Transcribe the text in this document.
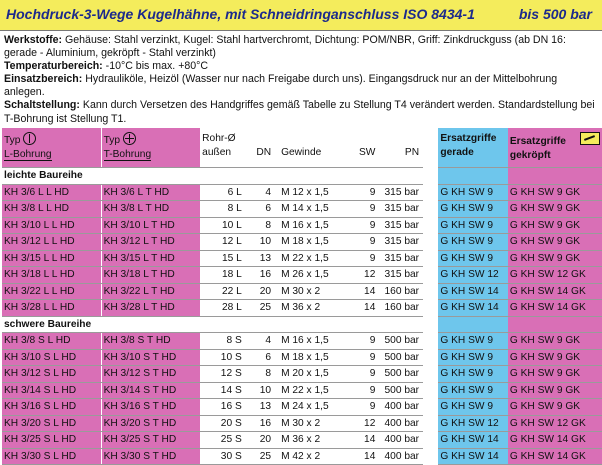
Hochdruck-3-Wege Kugelhähne, mit Schneidringanschluss ISO 8434-1	bis 500 bar

Werkstoffe: Gehäuse: Stahl verzinkt, Kugel: Stahl hartverchromt, Dichtung: POM/NBR, Griff: Zinkdruckguss (ab DN 16: gerade - Aluminium, gekröpft - Stahl verzinkt)

Temperaturbereich: -10°C bis max. +80°C

Einsatzbereich: Hydrauliköle, Heizöl (Wasser nur nach Freigabe durch uns). Eingangsdruck nur an der Mittelbohrung anlegen.

Schaltstellung: Kann durch Versetzen des Handgriffes gemäß Tabelle zu Stellung T4 verändert werden. Standardstellung bei T-Bohrung ist Stellung T1.

Typ
L-Bohrung	Typ
T-Bohrung	Rohr-Ø
außen	DN	Gewinde	SW	PN		Ersatzgriffe
gerade	Ersatzgriffe
gekröpft
leichte Baureihe									
KH 3/6 L L HD	KH 3/6 L T HD	6 L	4	M 12 x 1,5	9	315 bar		G KH SW 9	G KH SW 9 GK
KH 3/8 L L HD	KH 3/8 L T HD	8 L	6	M 14 x 1,5	9	315 bar		G KH SW 9	G KH SW 9 GK
KH 3/10 L L HD	KH 3/10 L T HD	10 L	8	M 16 x 1,5	9	315 bar		G KH SW 9	G KH SW 9 GK
KH 3/12 L L HD	KH 3/12 L T HD	12 L	10	M 18 x 1,5	9	315 bar		G KH SW 9	G KH SW 9 GK
KH 3/15 L L HD	KH 3/15 L T HD	15 L	13	M 22 x 1,5	9	315 bar		G KH SW 9	G KH SW 9 GK
KH 3/18 L L HD	KH 3/18 L T HD	18 L	16	M 26 x 1,5	12	315 bar		G KH SW 12	G KH SW 12 GK
KH 3/22 L L HD	KH 3/22 L T HD	22 L	20	M 30 x 2	14	160 bar		G KH SW 14	G KH SW 14 GK
KH 3/28 L L HD	KH 3/28 L T HD	28 L	25	M 36 x 2	14	160 bar		G KH SW 14	G KH SW 14 GK
schwere Baureihe									
KH 3/8 S L HD	KH 3/8 S T HD	8 S	4	M 16 x 1,5	9	500 bar		G KH SW 9	G KH SW 9 GK
KH 3/10 S L HD	KH 3/10 S T HD	10 S	6	M 18 x 1,5	9	500 bar		G KH SW 9	G KH SW 9 GK
KH 3/12 S L HD	KH 3/12 S T HD	12 S	8	M 20 x 1,5	9	500 bar		G KH SW 9	G KH SW 9 GK
KH 3/14 S L HD	KH 3/14 S T HD	14 S	10	M 22 x 1,5	9	500 bar		G KH SW 9	G KH SW 9 GK
KH 3/16 S L HD	KH 3/16 S T HD	16 S	13	M 24 x 1,5	9	400 bar		G KH SW 9	G KH SW 9 GK
KH 3/20 S L HD	KH 3/20 S T HD	20 S	16	M 30 x 2	12	400 bar		G KH SW 12	G KH SW 12 GK
KH 3/25 S L HD	KH 3/25 S T HD	25 S	20	M 36 x 2	14	400 bar		G KH SW 14	G KH SW 14 GK
KH 3/30 S L HD	KH 3/30 S T HD	30 S	25	M 42 x 2	14	400 bar		G KH SW 14	G KH SW 14 GK
